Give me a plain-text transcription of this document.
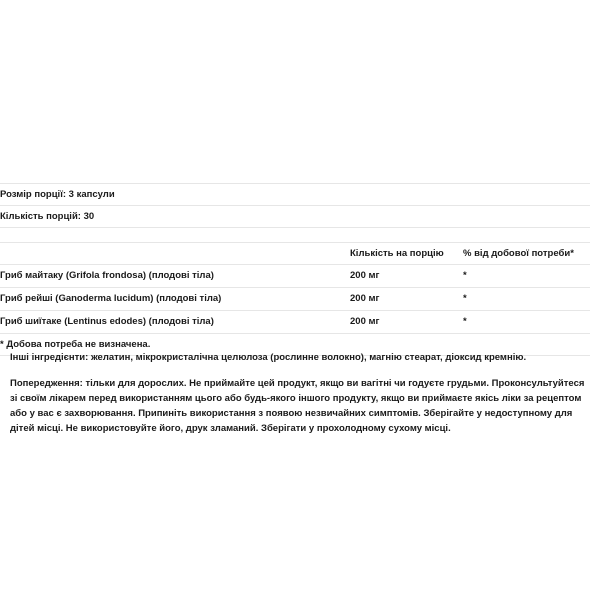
Розмір порції: 3 капсули		
Кількість порцій: 30		

	Кількість на порцію	% від добової потреби*
Гриб майтаку (Grifola frondosa) (плодові тіла)	200 мг	*
Гриб рейші (Ganoderma lucidum) (плодові тіла)	200 мг	*
Гриб шиїтаке (Lentinus edodes) (плодові тіла)	200 мг	*
* Добова потреба не визначена.		

Інші інгредієнти: желатин, мікрокристалічна целюлоза (рослинне волокно), магнію стеарат, діоксид кремнію.

Попередження: тільки для дорослих. Не приймайте цей продукт, якщо ви вагітні чи годуєте грудьми. Проконсультуйтеся зі своїм лікарем перед використанням цього або будь-якого іншого продукту, якщо ви приймаєте якісь ліки за рецептом або у вас є захворювання. Припиніть використання з появою незвичайних симптомів. Зберігайте у недоступному для дітей місці. Не використовуйте його, друк зламаний. Зберігати у прохолодному сухому місці.
